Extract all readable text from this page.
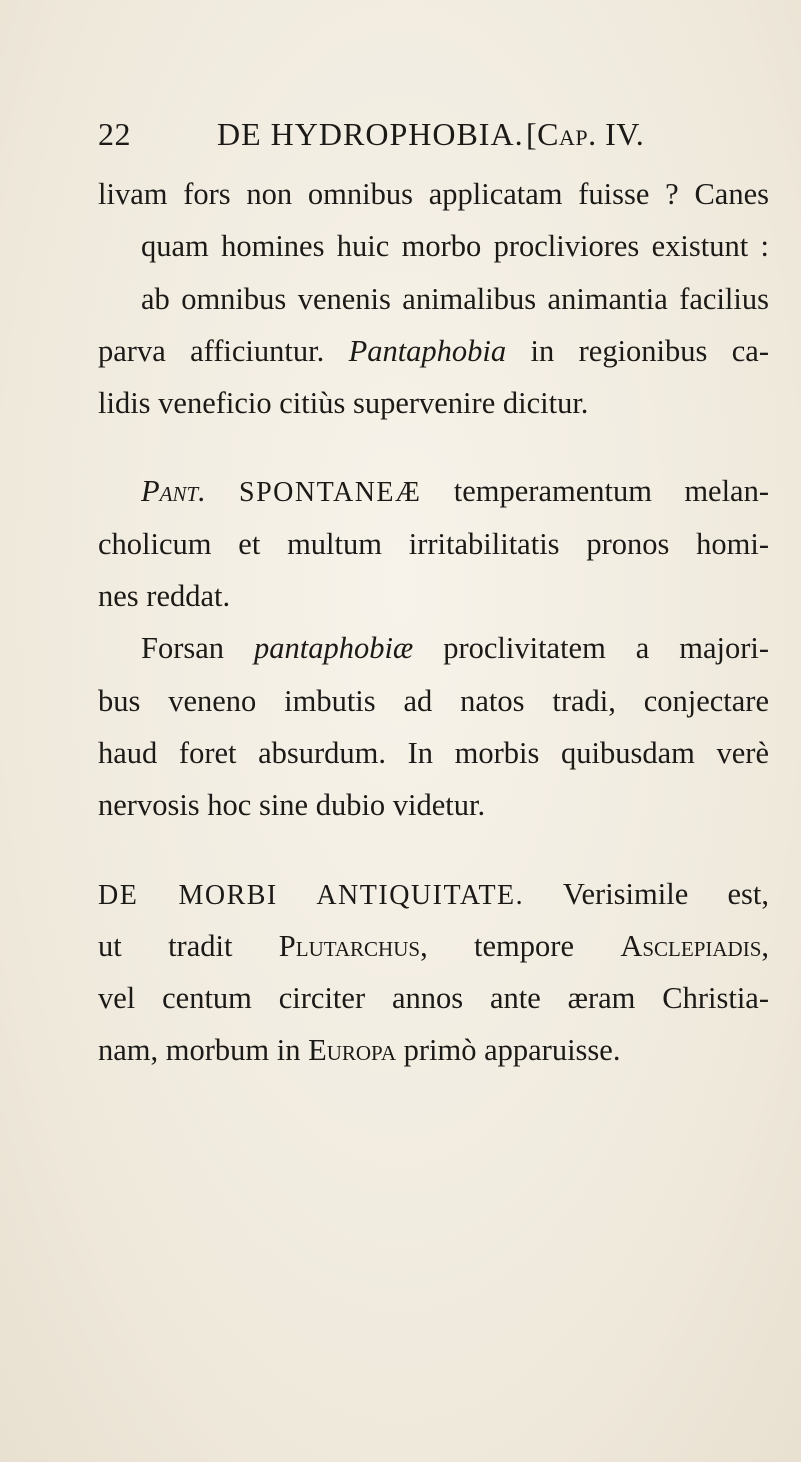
22	DE HYDROPHOBIA. [Cap. IV.
livam fors non omnibus applicatam fuisse ? Canes
quam homines huic morbo procliviores existunt :
ab omnibus venenis animalibus animantia facilius
parva afficiuntur. Pantaphobia in regionibus ca-
lidis veneficio citiùs supervenire dicitur.
Pant. SPONTANEÆ temperamentum melan-
cholicum et multum irritabilitatis pronos homi-
nes reddat.
Forsan pantaphobiæ proclivitatem a majori-
bus veneno imbutis ad natos tradi, conjectare
haud foret absurdum. In morbis quibusdam verè
nervosis hoc sine dubio videtur.
DE MORBI ANTIQUITATE. Verisimile est,
ut tradit Plutarchus, tempore Asclepiadis,
vel centum circiter annos ante æram Christia-
nam, morbum in Europa primò apparuisse.
